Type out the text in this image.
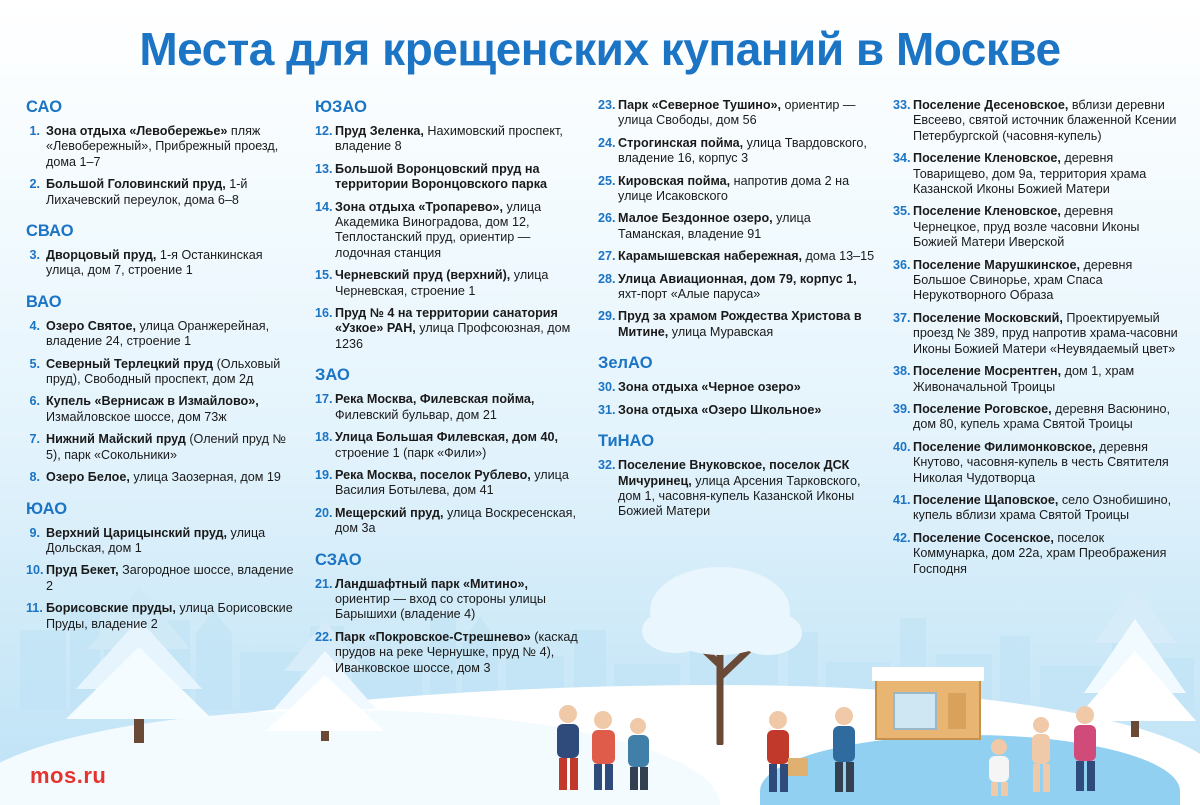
Места для крещенских купаний в Москве
САО
1. Зона отдыха «Левобережье» пляж «Левобережный», Прибрежный проезд, дома 1–7
2. Большой Головинский пруд, 1-й Лихачевский переулок, дома 6–8
СВАО
3. Дворцовый пруд, 1-я Останкинская улица, дом 7, строение 1
ВАО
4. Озеро Святое, улица Оранжерейная, владение 24, строение 1
5. Северный Терлецкий пруд (Ольховый пруд), Свободный проспект, дом 2д
6. Купель «Вернисаж в Измайлово», Измайловское шоссе, дом 73ж
7. Нижний Майский пруд (Олений пруд № 5), парк «Сокольники»
8. Озеро Белое, улица Заозерная, дом 19
ЮАО
9. Верхний Царицынский пруд, улица Дольская, дом 1
10. Пруд Бекет, Загородное шоссе, владение 2
11. Борисовские пруды, улица Борисовские Пруды, владение 2
ЮЗАО
12. Пруд Зеленка, Нахимовский проспект, владение 8
13. Большой Воронцовский пруд на территории Воронцовского парка
14. Зона отдыха «Тропарево», улица Академика Виноградова, дом 12, Теплостанский пруд, ориентир — лодочная станция
15. Черневский пруд (верхний), улица Черневская, строение 1
16. Пруд № 4 на территории санатория «Узкое» РАН, улица Профсоюзная, дом 1236
ЗАО
17. Река Москва, Филевская пойма, Филевский бульвар, дом 21
18. Улица Большая Филевская, дом 40, строение 1 (парк «Фили»)
19. Река Москва, поселок Рублево, улица Василия Ботылева, дом 41
20. Мещерский пруд, улица Воскресенская, дом 3а
СЗАО
21. Ландшафтный парк «Митино», ориентир — вход со стороны улицы Барышихи (владение 4)
22. Парк «Покровское-Стрешнево» (каскад прудов на реке Чернушке, пруд № 4), Иванковское шоссе, дом 3
23. Парк «Северное Тушино», ориентир — улица Свободы, дом 56
24. Строгинская пойма, улица Твардовского, владение 16, корпус 3
25. Кировская пойма, напротив дома 2 на улице Исаковского
26. Малое Бездонное озеро, улица Таманская, владение 91
27. Карамышевская набережная, дома 13–15
28. Улица Авиационная, дом 79, корпус 1, яхт-порт «Алые паруса»
29. Пруд за храмом Рождества Христова в Митине, улица Муравская
ЗелАО
30. Зона отдыха «Черное озеро»
31. Зона отдыха «Озеро Школьное»
ТиНАО
32. Поселение Внуковское, поселок ДСК Мичуринец, улица Арсения Тарковского, дом 1, часовня-купель Казанской Иконы Божией Матери
33. Поселение Десеновское, вблизи деревни Евсеево, святой источник блаженной Ксении Петербургской (часовня-купель)
34. Поселение Кленовское, деревня Товарищево, дом 9а, территория храма Казанской Иконы Божией Матери
35. Поселение Кленовское, деревня Чернецкое, пруд возле часовни Иконы Божией Матери Иверской
36. Поселение Марушкинское, деревня Большое Свинорье, храм Спаса Нерукотворного Образа
37. Поселение Московский, Проектируемый проезд № 389, пруд напротив храма-часовни Иконы Божией Матери «Неувядаемый цвет»
38. Поселение Мосрентген, дом 1, храм Живоначальной Троицы
39. Поселение Роговское, деревня Васюнино, дом 80, купель храма Святой Троицы
40. Поселение Филимонковское, деревня Кнутово, часовня-купель в честь Святителя Николая Чудотворца
41. Поселение Щаповское, село Ознобишино, купель вблизи храма Святой Троицы
42. Поселение Сосенское, поселок Коммунарка, дом 22а, храм Преображения Господня
mos.ru
